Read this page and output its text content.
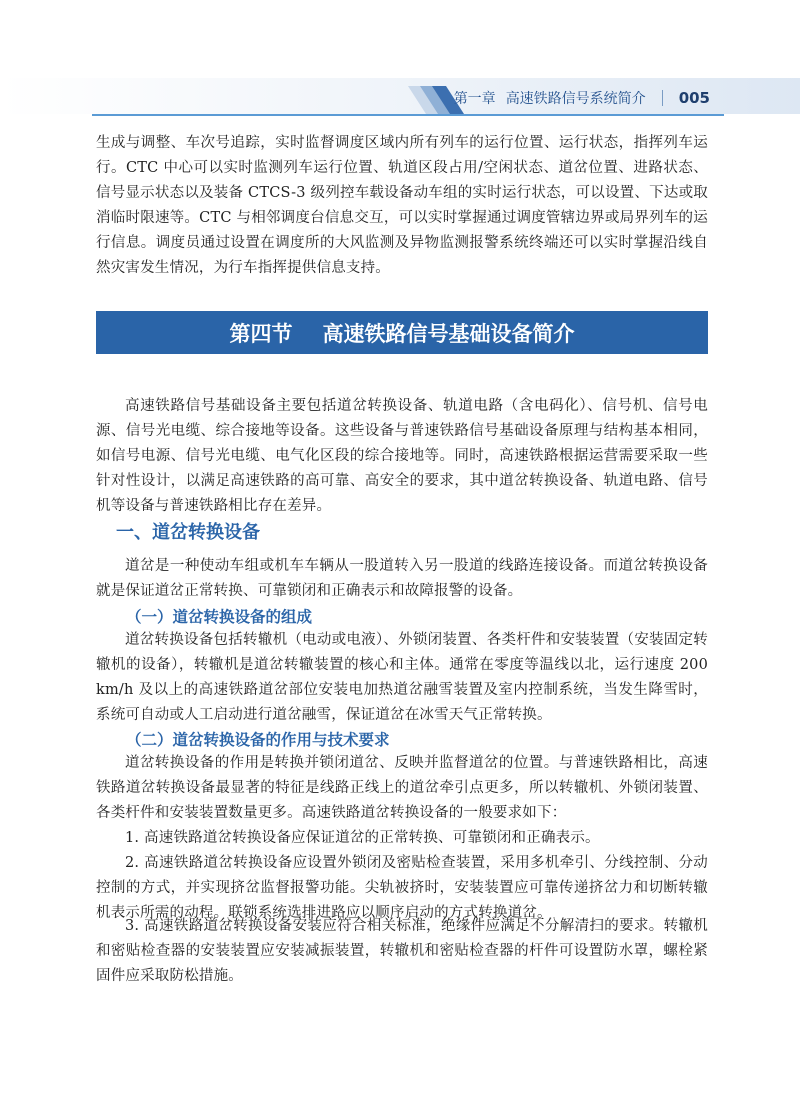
第一章 高速铁路信号系统简介 005

生成与调整、车次号追踪，实时监督调度区域内所有列车的运行位置、运行状态，指挥列车运行。CTC 中心可以实时监测列车运行位置、轨道区段占用/空闲状态、道岔位置、进路状态、信号显示状态以及装备 CTCS-3 级列控车载设备动车组的实时运行状态，可以设置、下达或取消临时限速等。CTC 与相邻调度台信息交互，可以实时掌握通过调度管辖边界或局界列车的运行信息。调度员通过设置在调度所的大风监测及异物监测报警系统终端还可以实时掌握沿线自然灾害发生情况，为行车指挥提供信息支持。

第四节 高速铁路信号基础设备简介

高速铁路信号基础设备主要包括道岔转换设备、轨道电路（含电码化）、信号机、信号电源、信号光电缆、综合接地等设备。这些设备与普速铁路信号基础设备原理与结构基本相同，如信号电源、信号光电缆、电气化区段的综合接地等。同时，高速铁路根据运营需要采取一些针对性设计，以满足高速铁路的高可靠、高安全的要求，其中道岔转换设备、轨道电路、信号机等设备与普速铁路相比存在差异。

一、道岔转换设备

道岔是一种使动车组或机车车辆从一股道转入另一股道的线路连接设备。而道岔转换设备就是保证道岔正常转换、可靠锁闭和正确表示和故障报警的设备。

（一）道岔转换设备的组成

道岔转换设备包括转辙机（电动或电液）、外锁闭装置、各类杆件和安装装置（安装固定转辙机的设备），转辙机是道岔转辙装置的核心和主体。通常在零度等温线以北，运行速度 200 km/h 及以上的高速铁路道岔部位安装电加热道岔融雪装置及室内控制系统，当发生降雪时，系统可自动或人工启动进行道岔融雪，保证道岔在冰雪天气正常转换。

（二）道岔转换设备的作用与技术要求

道岔转换设备的作用是转换并锁闭道岔、反映并监督道岔的位置。与普速铁路相比，高速铁路道岔转换设备最显著的特征是线路正线上的道岔牵引点更多，所以转辙机、外锁闭装置、各类杆件和安装装置数量更多。高速铁路道岔转换设备的一般要求如下：

1. 高速铁路道岔转换设备应保证道岔的正常转换、可靠锁闭和正确表示。

2. 高速铁路道岔转换设备应设置外锁闭及密贴检查装置，采用多机牵引、分线控制、分动控制的方式，并实现挤岔监督报警功能。尖轨被挤时，安装装置应可靠传递挤岔力和切断转辙机表示所需的动程。联锁系统选排进路应以顺序启动的方式转换道岔。

3. 高速铁路道岔转换设备安装应符合相关标准，绝缘件应满足不分解清扫的要求。转辙机和密贴检查器的安装装置应安装减振装置，转辙机和密贴检查器的杆件可设置防水罩，螺栓紧固件应采取防松措施。
